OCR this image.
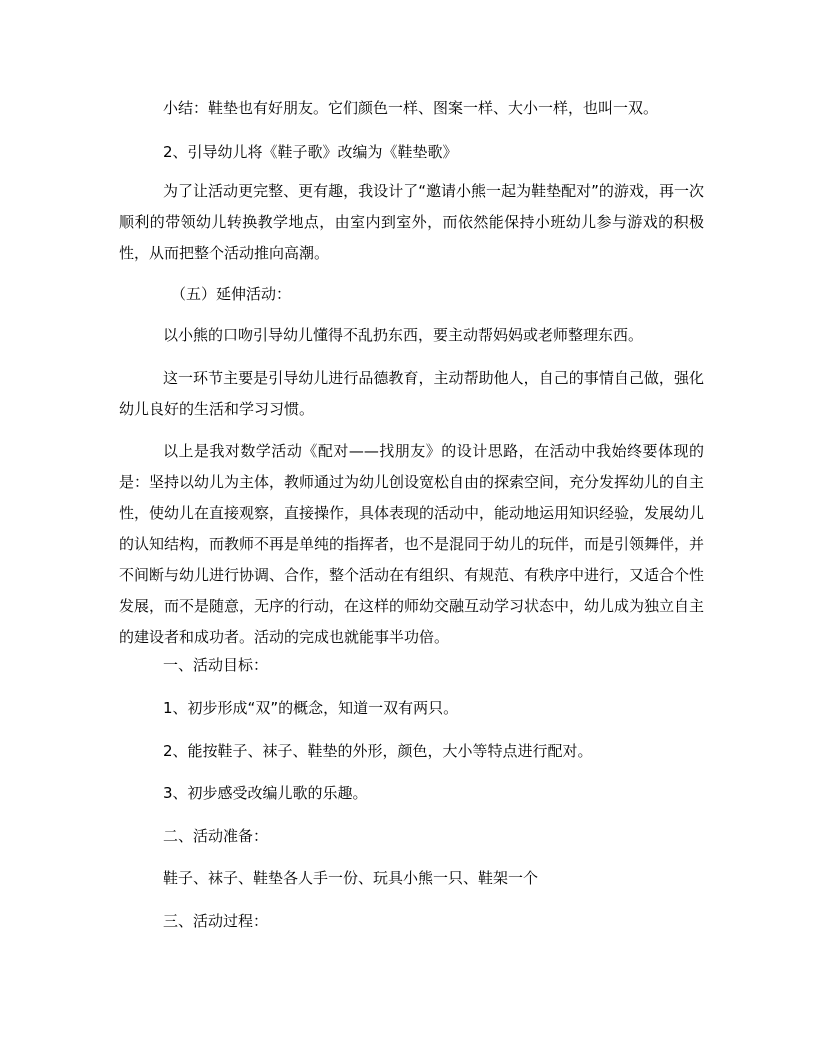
小结：鞋垫也有好朋友。它们颜色一样、图案一样、大小一样，也叫一双。

2、引导幼儿将《鞋子歌》改编为《鞋垫歌》

为了让活动更完整、更有趣，我设计了“邀请小熊一起为鞋垫配对”的游戏，再一次顺利的带领幼儿转换教学地点，由室内到室外，而依然能保持小班幼儿参与游戏的积极性，从而把整个活动推向高潮。

（五）延伸活动：

以小熊的口吻引导幼儿懂得不乱扔东西，要主动帮妈妈或老师整理东西。

这一环节主要是引导幼儿进行品德教育，主动帮助他人，自己的事情自己做，强化幼儿良好的生活和学习习惯。

以上是我对数学活动《配对——找朋友》的设计思路，在活动中我始终要体现的是：坚持以幼儿为主体，教师通过为幼儿创设宽松自由的探索空间，充分发挥幼儿的自主性，使幼儿在直接观察，直接操作，具体表现的活动中，能动地运用知识经验，发展幼儿的认知结构，而教师不再是单纯的指挥者，也不是混同于幼儿的玩伴，而是引领舞伴，并不间断与幼儿进行协调、合作，整个活动在有组织、有规范、有秩序中进行，又适合个性发展，而不是随意，无序的行动，在这样的师幼交融互动学习状态中，幼儿成为独立自主的建设者和成功者。活动的完成也就能事半功倍。

一、活动目标：

1、初步形成“双”的概念，知道一双有两只。

2、能按鞋子、袜子、鞋垫的外形，颜色，大小等特点进行配对。

3、初步感受改编儿歌的乐趣。

二、活动准备：

鞋子、袜子、鞋垫各人手一份、玩具小熊一只、鞋架一个

三、活动过程：
